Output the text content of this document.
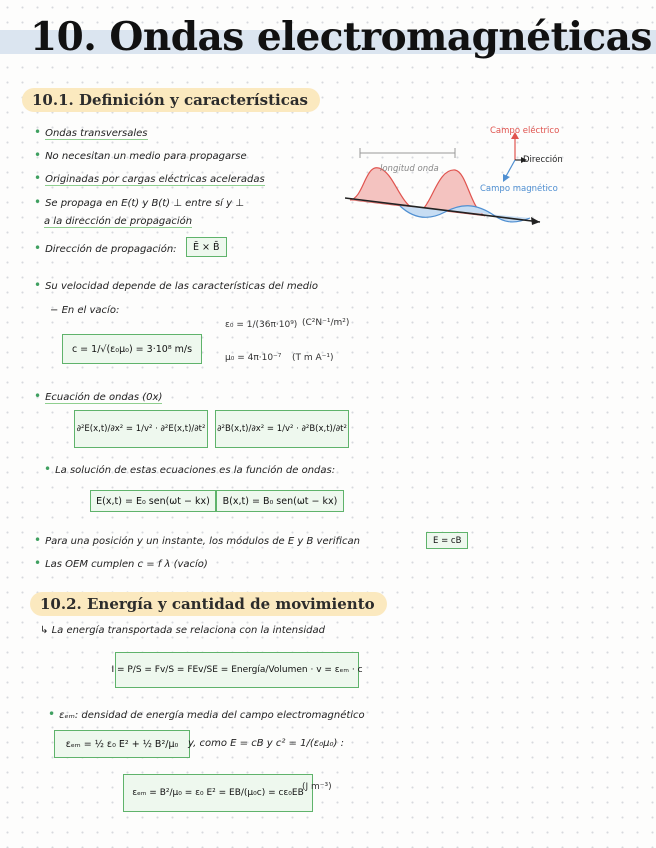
10. Ondas electromagnéticas
10.1. Definición y características
• Ondas transversales
• No necesitan un medio para propagarse
• Originadas por cargas eléctricas aceleradas
• Se propaga en E(t) y B(t) ⊥ entre sí y ⊥
a la dirección de propagación
• Dirección de propagación:	Ē × B̄
• Su velocidad depende de las características del medio
− En el vacío:
c = 1/√(ε₀μ₀) = 3·10⁸ m/s
ε₀ = 1/(36π·10⁹) (C²N⁻¹/m²)
μ₀ = 4π·10⁻⁷ (T m A⁻¹)
• Ecuación de ondas (0x)
∂²E(x,t)/∂x² = 1/v² · ∂²E(x,t)/∂t²	∂²B(x,t)/∂x² = 1/v² · ∂²B(x,t)/∂t²
• La solución de estas ecuaciones es la función de ondas:
E(x,t) = E₀ sen(ωt − kx)	B(x,t) = B₀ sen(ωt − kx)
• Para una posición y un instante, los módulos de E y B verifican	E = cB
• Las OEM cumplen c = f λ (vacío)
Campo eléctrico
Dirección
Campo magnético
longitud onda
10.2. Energía y cantidad de movimiento
↳ La energía transportada se relaciona con la intensidad
I = P/S = Fv/S = FEv/SE = Energía/Volumen · v = εₑₘ · c
• εₑₘ: densidad de energía media del campo electromagnético
εₑₘ = ½ ε₀ E² + ½ B²/μ₀ y, como E = cB y c² = 1/(ε₀μ₀) :
εₑₘ = B²/μ₀ = ε₀ E² = EB/(μ₀c) = cε₀EB
(J m⁻³)
